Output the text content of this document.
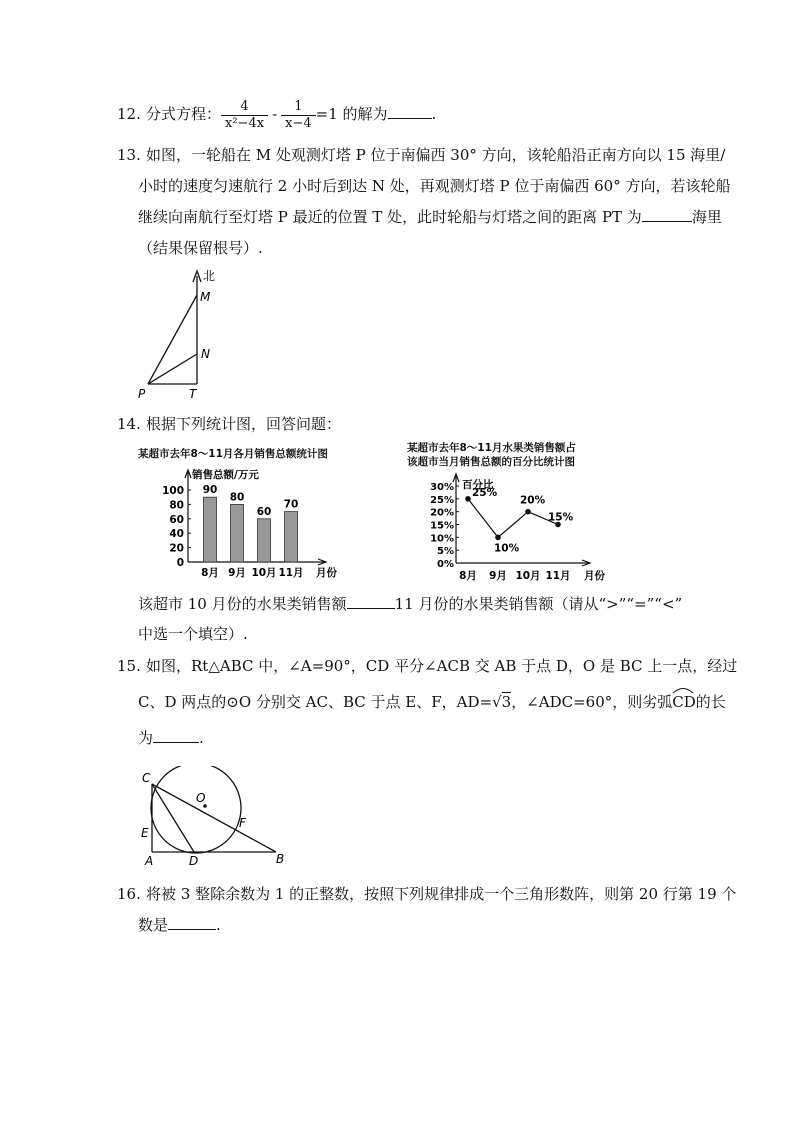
12. 分式方程： $\frac{4}{\text{x²−4x}} - \frac{1}{x-4} =1$ 的解为	.
13. 如图，一轮船在 M 处观测灯塔 P 位于南偏西 30° 方向，该轮船沿正南方向以 15 海里/
小时的速度匀速航行 2 小时后到达 N 处，再观测灯塔 P 位于南偏西 60° 方向，若该轮船
继续向南航行至灯塔 P 最近的位置 T 处，此时轮船与灯塔之间的距离 PT 为	海里
（结果保留根号）.
北
M
N
P	T
14. 根据下列统计图，回答问题：
某超市去年8～11月各月销售总额统计图	某超市去年8～11月水果类销售额占
该超市当月销售总额的百分比统计图
销售总额/万元
月份
0
20
40
60
80
100 90
8月
80
9月
60
10月
70
11月
百分比
月份
0%
5%
10%
15%
20%
25%
30% 25%
8月
10%
9月
20%
10月
15%
11月
该超市 10 月份的水果类销售额	11 月份的水果类销售额（请从“>”“=”“<”
中选一个填空）.
15. 如图，Rt△ABC 中，∠A=90°，CD 平分∠ACB 交 AB 于点 D，O 是 BC 上一点，经过
C、D 两点的⊙O 分别交 AC、BC 于点 E、F，AD=√3，∠ADC=60°，则劣弧
CD的长
为	.
C
O
F
E
A	D	B
16. 将被 3 整除余数为 1 的正整数，按照下列规律排成一个三角形数阵，则第 20 行第 19 个
数是	.
